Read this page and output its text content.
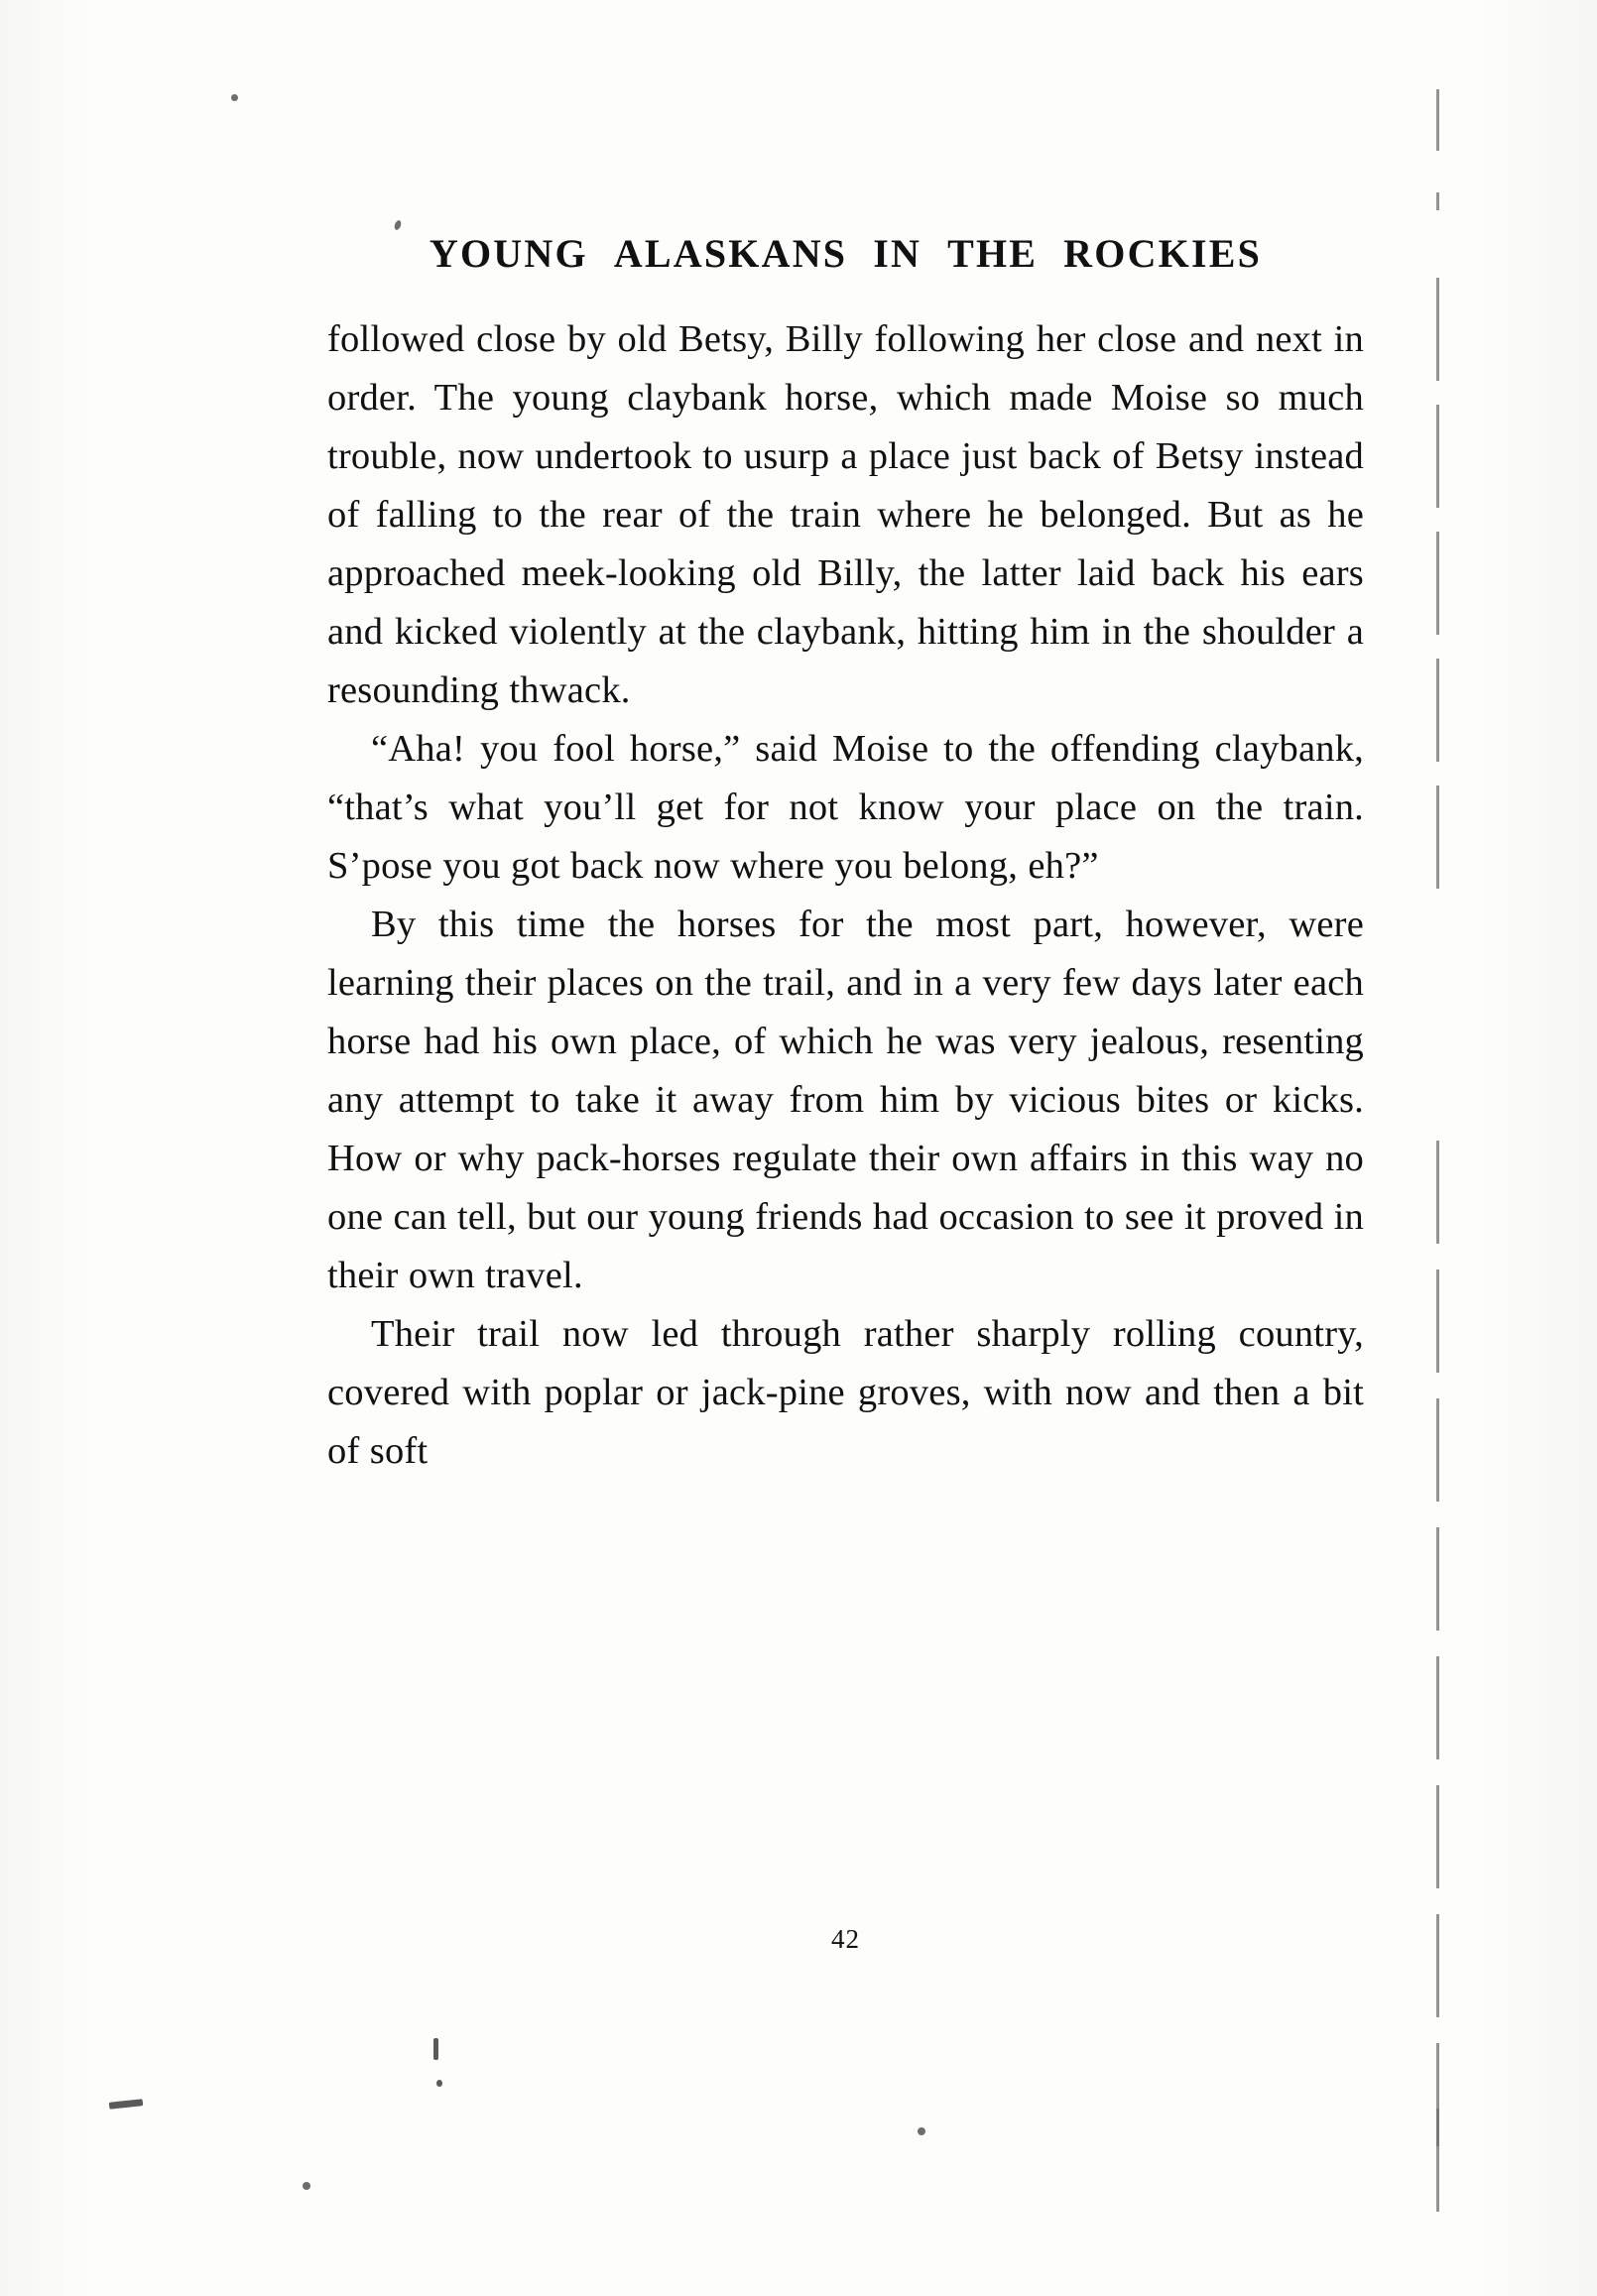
YOUNG ALASKANS IN THE ROCKIES

followed close by old Betsy, Billy following her close and next in order. The young claybank horse, which made Moise so much trouble, now undertook to usurp a place just back of Betsy instead of falling to the rear of the train where he belonged. But as he approached meek-looking old Billy, the latter laid back his ears and kicked violently at the claybank, hitting him in the shoulder a resounding thwack.

“Aha! you fool horse,” said Moise to the offending claybank, “that’s what you’ll get for not know your place on the train. S’pose you got back now where you belong, eh?”

By this time the horses for the most part, however, were learning their places on the trail, and in a very few days later each horse had his own place, of which he was very jealous, resenting any attempt to take it away from him by vicious bites or kicks. How or why pack-horses regulate their own affairs in this way no one can tell, but our young friends had occasion to see it proved in their own travel.

Their trail now led through rather sharply rolling country, covered with poplar or jack-pine groves, with now and then a bit of soft

42
